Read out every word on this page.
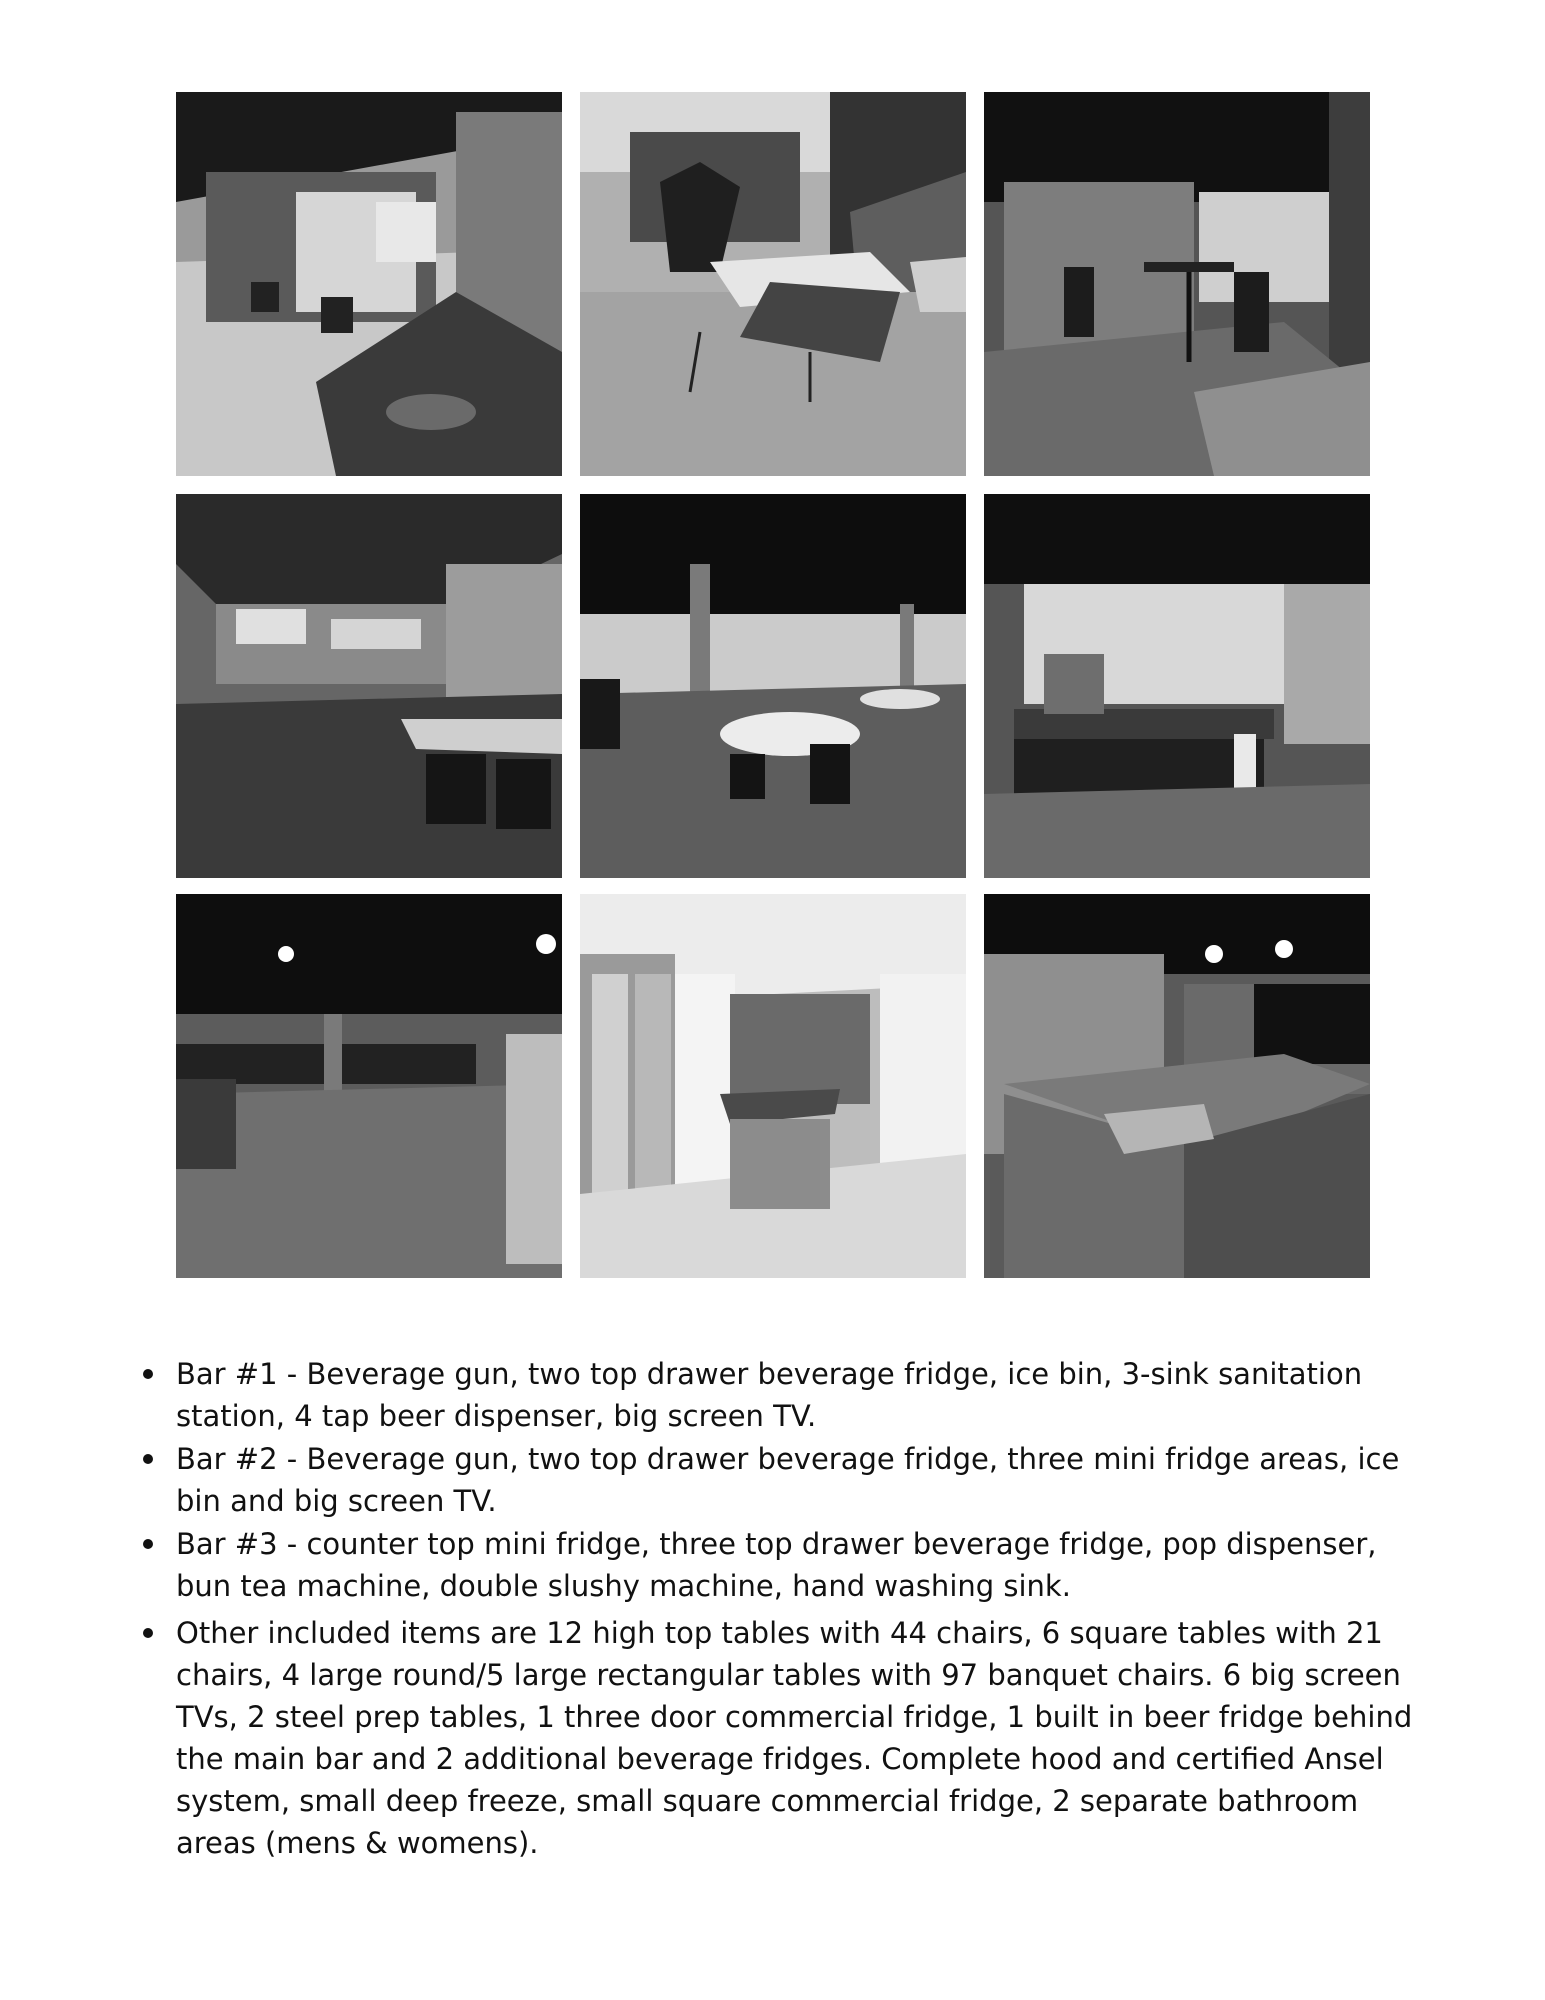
Bar #1 - Beverage gun, two top drawer beverage fridge, ice bin, 3-sink sanitation station, 4 tap beer dispenser, big screen TV.
Bar #2 - Beverage gun, two top drawer beverage fridge, three mini fridge areas, ice bin and big screen TV.
Bar #3 - counter top mini fridge, three top drawer beverage fridge, pop dispenser, bun tea machine, double slushy machine, hand washing sink.
Other included items are 12 high top tables with 44 chairs, 6 square tables with 21 chairs, 4 large round/5 large rectangular tables with 97 banquet chairs. 6 big screen TVs, 2 steel prep tables, 1 three door commercial fridge, 1 built in beer fridge behind the main bar and 2 additional beverage fridges. Complete hood and certified Ansel system, small deep freeze, small square commercial fridge, 2 separate bathroom areas (mens & womens).
